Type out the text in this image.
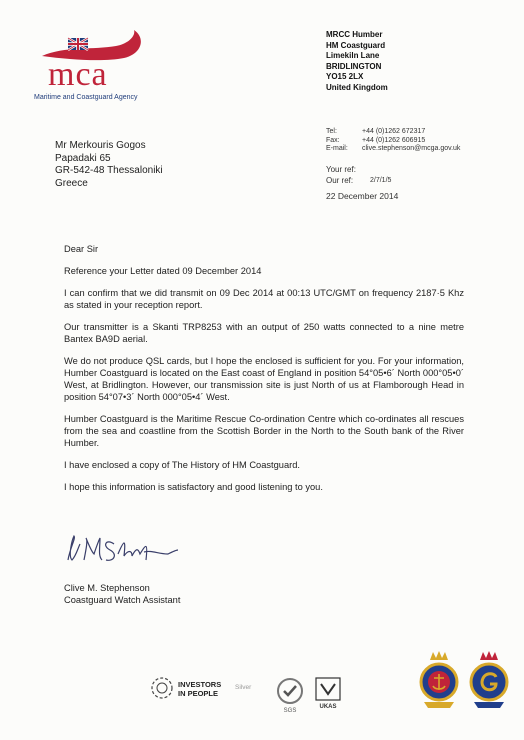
mca
Maritime and Coastguard Agency
MRCC Humber
HM Coastguard
Limekiln Lane
BRIDLINGTON
YO15 2LX
United Kingdom
Tel:	+44 (0)1262 672317
Fax:	+44 (0)1262 606915
E-mail:	clive.stephenson@mcga.gov.uk
Your ref:
Our ref:	2/7/1/5
22 December 2014
Mr Merkouris Gogos
Papadaki 65
GR-542-48 Thessaloniki
Greece

Dear Sir

Reference your Letter dated 09 December 2014

I can confirm that we did transmit on 09 Dec 2014 at 00:13 UTC/GMT on frequency 2187·5 Khz as stated in your reception report.

Our transmitter is a Skanti TRP8253 with an output of 250 watts connected to a nine metre Bantex BA9D aerial.

We do not produce QSL cards, but I hope the enclosed is sufficient for you. For your information, Humber Coastguard is located on the East coast of England in position 54°05•6´ North 000°05•0´ West, at Bridlington. However, our transmission site is just North of us at Flamborough Head in position 54°07•3´ North 000°05•4´ West.

Humber Coastguard is the Maritime Rescue Co-ordination Centre which co-ordinates all rescues from the sea and coastline from the Scottish Border in the North to the South bank of the River Humber.

I have enclosed a copy of The History of HM Coastguard.

I hope this information is satisfactory and good listening to you.

Clive M. Stephenson
Coastguard Watch Assistant
INVESTORS
IN PEOPLE
Silver
SGS
UKAS
